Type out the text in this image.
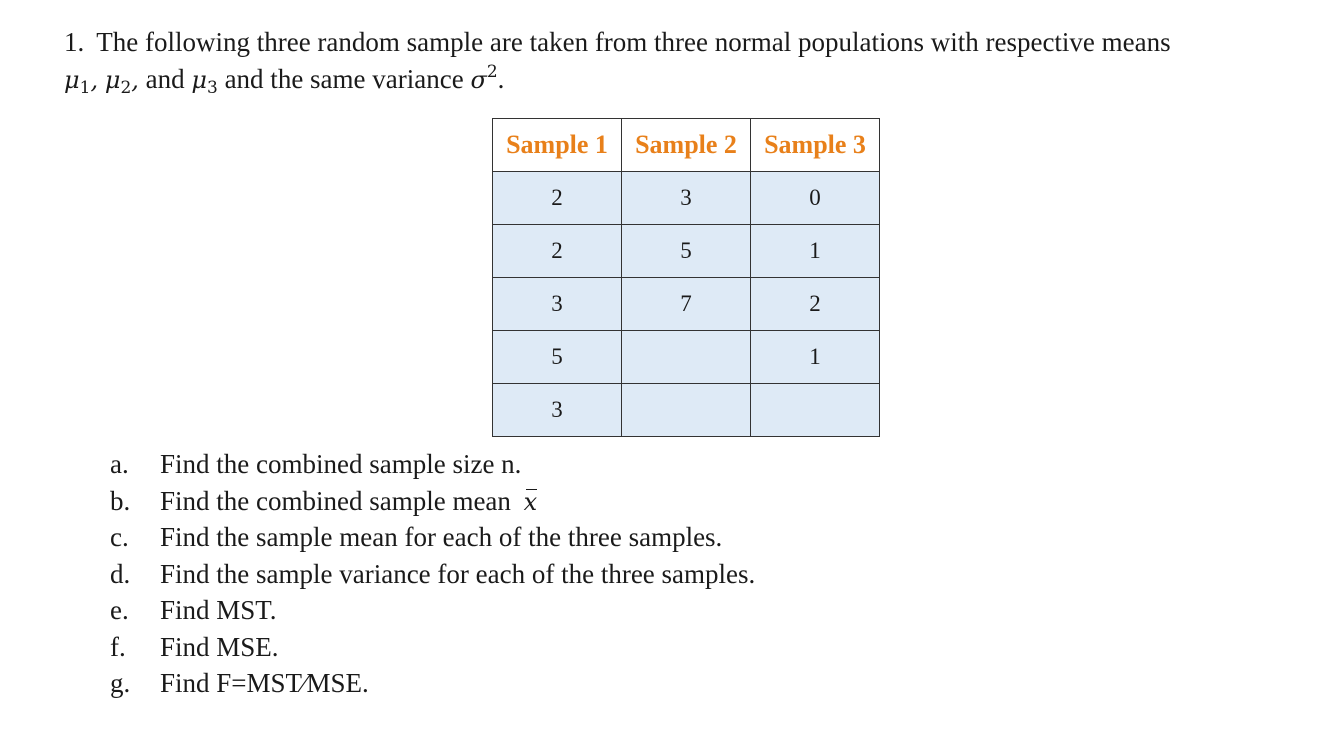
1. The following three random sample are taken from three normal populations with respective means
$\mu_1$, $\mu_2$, and $\mu_3$ and the same variance $\sigma^2$.
Sample 1	Sample 2	Sample 3
2	3	0
2	5	1
3	7	2
5		1
3		
a. Find the combined sample size n.
b. Find the combined sample mean x
c. Find the sample mean for each of the three samples.
d. Find the sample variance for each of the three samples.
e. Find MST.
f. Find MSE.
g. Find F=MST⁄MSE.
